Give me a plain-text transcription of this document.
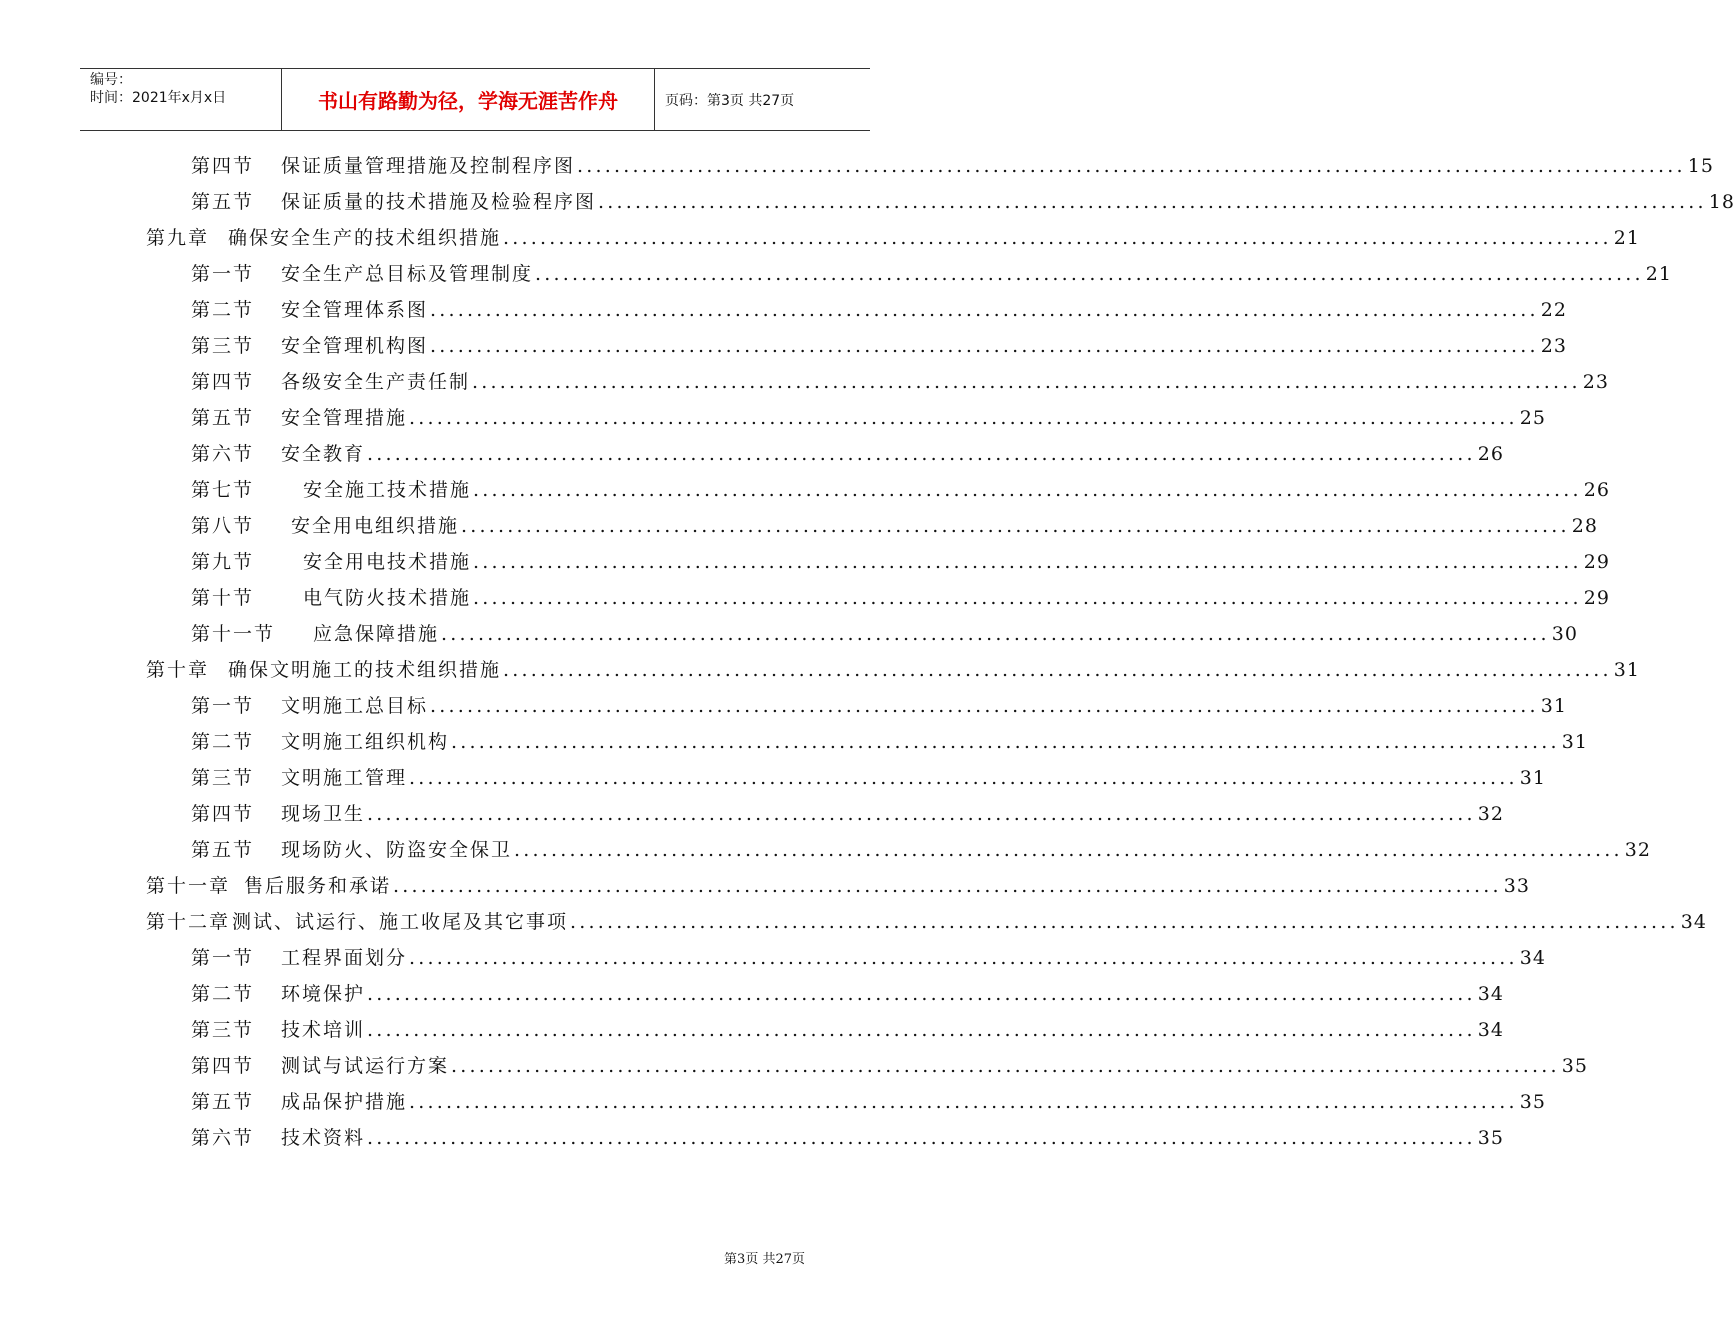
编号：
时间：2021年x月x日	书山有路勤为径，学海无涯苦作舟	页码：第3页 共27页
第四节	保证质量管理措施及控制程序图 ........................................................................................................................ 15
第五节	保证质量的技术措施及检验程序图 ........................................................................................................................ 18
第九章 确保安全生产的技术组织措施 ........................................................................................................................ 21
第一节	安全生产总目标及管理制度 ........................................................................................................................ 21
第二节	安全管理体系图 ........................................................................................................................ 22
第三节	安全管理机构图 ........................................................................................................................ 23
第四节	各级安全生产责任制 ........................................................................................................................ 23
第五节	安全管理措施 ........................................................................................................................ 25
第六节	安全教育 ........................................................................................................................ 26
第七节	安全施工技术措施 ........................................................................................................................ 26
第八节	安全用电组织措施 ........................................................................................................................ 28
第九节	安全用电技术措施 ........................................................................................................................ 29
第十节	电气防火技术措施 ........................................................................................................................ 29
第十一节	应急保障措施 ........................................................................................................................ 30
第十章 确保文明施工的技术组织措施 ........................................................................................................................ 31
第一节	文明施工总目标 ........................................................................................................................ 31
第二节	文明施工组织机构 ........................................................................................................................ 31
第三节	文明施工管理 ........................................................................................................................ 31
第四节	现场卫生 ........................................................................................................................ 32
第五节	现场防火、防盗安全保卫 ........................................................................................................................ 32
第十一章 售后服务和承诺 ........................................................................................................................ 33
第十二章 测试、试运行、施工收尾及其它事项 ........................................................................................................................ 34
第一节	工程界面划分 ........................................................................................................................ 34
第二节	环境保护 ........................................................................................................................ 34
第三节	技术培训 ........................................................................................................................ 34
第四节	测试与试运行方案 ........................................................................................................................ 35
第五节	成品保护措施 ........................................................................................................................ 35
第六节	技术资料 ........................................................................................................................ 35
第3页 共27页
